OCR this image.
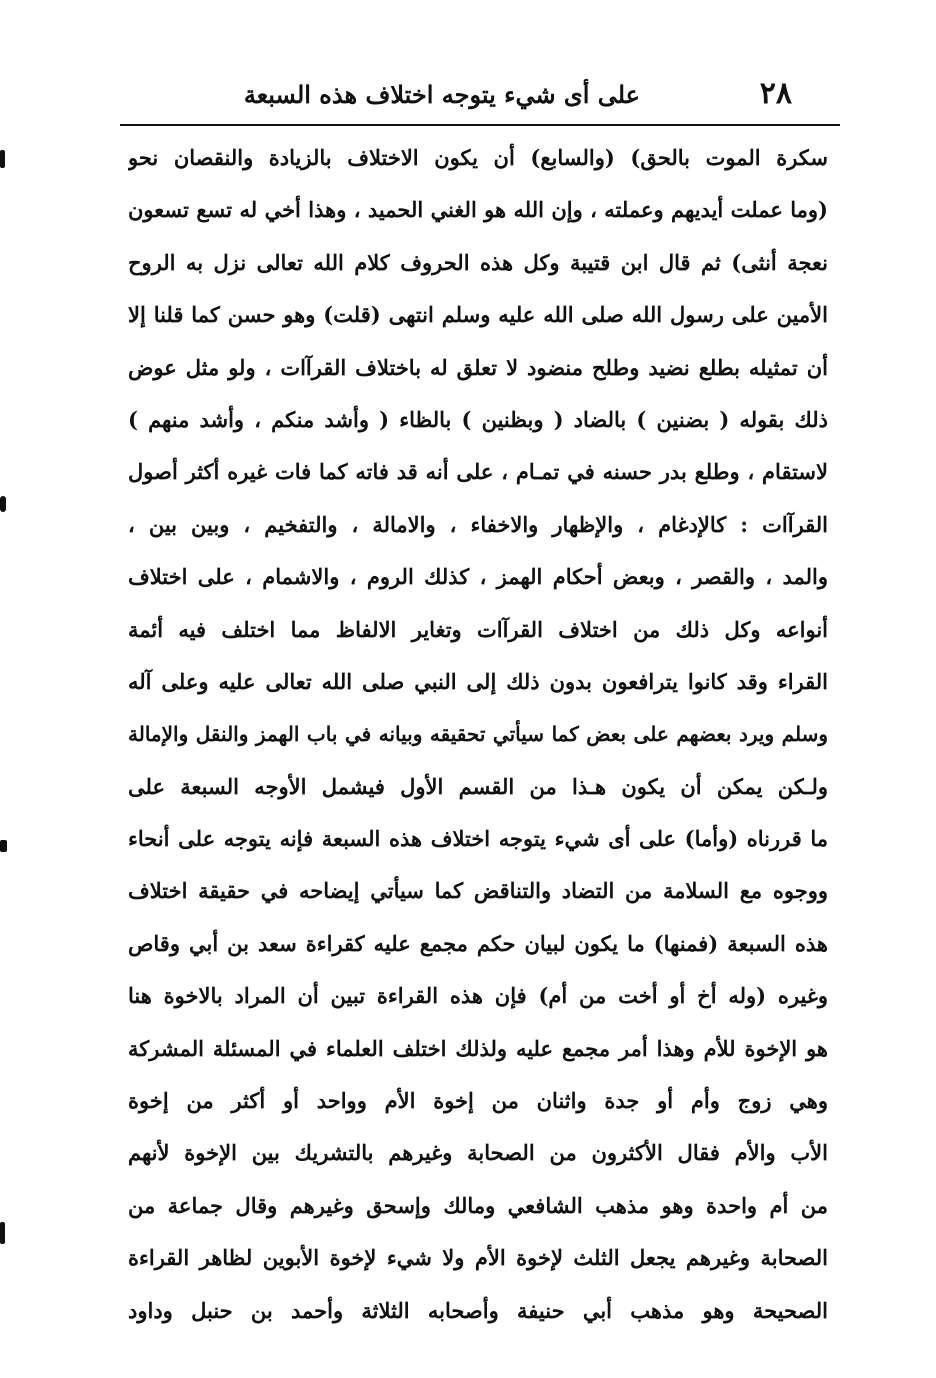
٢٨
على أى شيء يتوجه اختلاف هذه السبعة
سكرة الموت بالحق) (والسابع) أن يكون الاختلاف بالزيادة والنقصان نحو
(وما عملت أيديهم وعملته ، وإن الله هو الغني الحميد ، وهذا أخي له تسع تسعون
نعجة أنثى) ثم قال ابن قتيبة وكل هذه الحروف كلام الله تعالى نزل به الروح
الأمين على رسول الله صلى الله عليه وسلم انتهى (قلت) وهو حسن كما قلنا إلا
أن تمثيله بطلع نضيد وطلح منضود لا تعلق له باختلاف القرآات ، ولو مثل عوض
ذلك بقوله ( بضنين ) بالضاد ( وبظنين ) بالظاء ( وأشد منكم ، وأشد منهم )
لاستقام ، وطلع بدر حسنه في تمـام ، على أنه قد فاته كما فات غيره أكثر أصول
القرآات : كالإدغام ، والإظهار والاخفاء ، والامالة ، والتفخيم ، وبين بين ،
والمد ، والقصر ، وبعض أحكام الهمز ، كذلك الروم ، والاشمام ، على اختلاف
أنواعه وكل ذلك من اختلاف القرآات وتغاير الالفاظ مما اختلف فيه أئمة
القراء وقد كانوا يترافعون بدون ذلك إلى النبي صلى الله تعالى عليه وعلى آله
وسلم ويرد بعضهم على بعض كما سيأتي تحقيقه وبيانه في باب الهمز والنقل والإمالة
ولـكن يمكن أن يكون هـذا من القسم الأول فيشمل الأوجه السبعة على
ما قررناه (وأما) على أى شيء يتوجه اختلاف هذه السبعة فإنه يتوجه على أنحاء
ووجوه مع السلامة من التضاد والتناقض كما سيأتي إيضاحه في حقيقة اختلاف
هذه السبعة (فمنها) ما يكون لبيان حكم مجمع عليه كقراءة سعد بن أبي وقاص
وغيره (وله أخ أو أخت من أم) فإن هذه القراءة تبين أن المراد بالاخوة هنا
هو الإخوة للأم وهذا أمر مجمع عليه ولذلك اختلف العلماء في المسئلة المشركة
وهي زوج وأم أو جدة واثنان من إخوة الأم وواحد أو أكثر من إخوة
الأب والأم فقال الأكثرون من الصحابة وغيرهم بالتشريك بين الإخوة لأنهم
من أم واحدة وهو مذهب الشافعي ومالك وإسحق وغيرهم وقال جماعة من
الصحابة وغيرهم يجعل الثلث لإخوة الأم ولا شيء لإخوة الأبوين لظاهر القراءة
الصحيحة وهو مذهب أبي حنيفة وأصحابه الثلاثة وأحمد بن حنبل وداود
